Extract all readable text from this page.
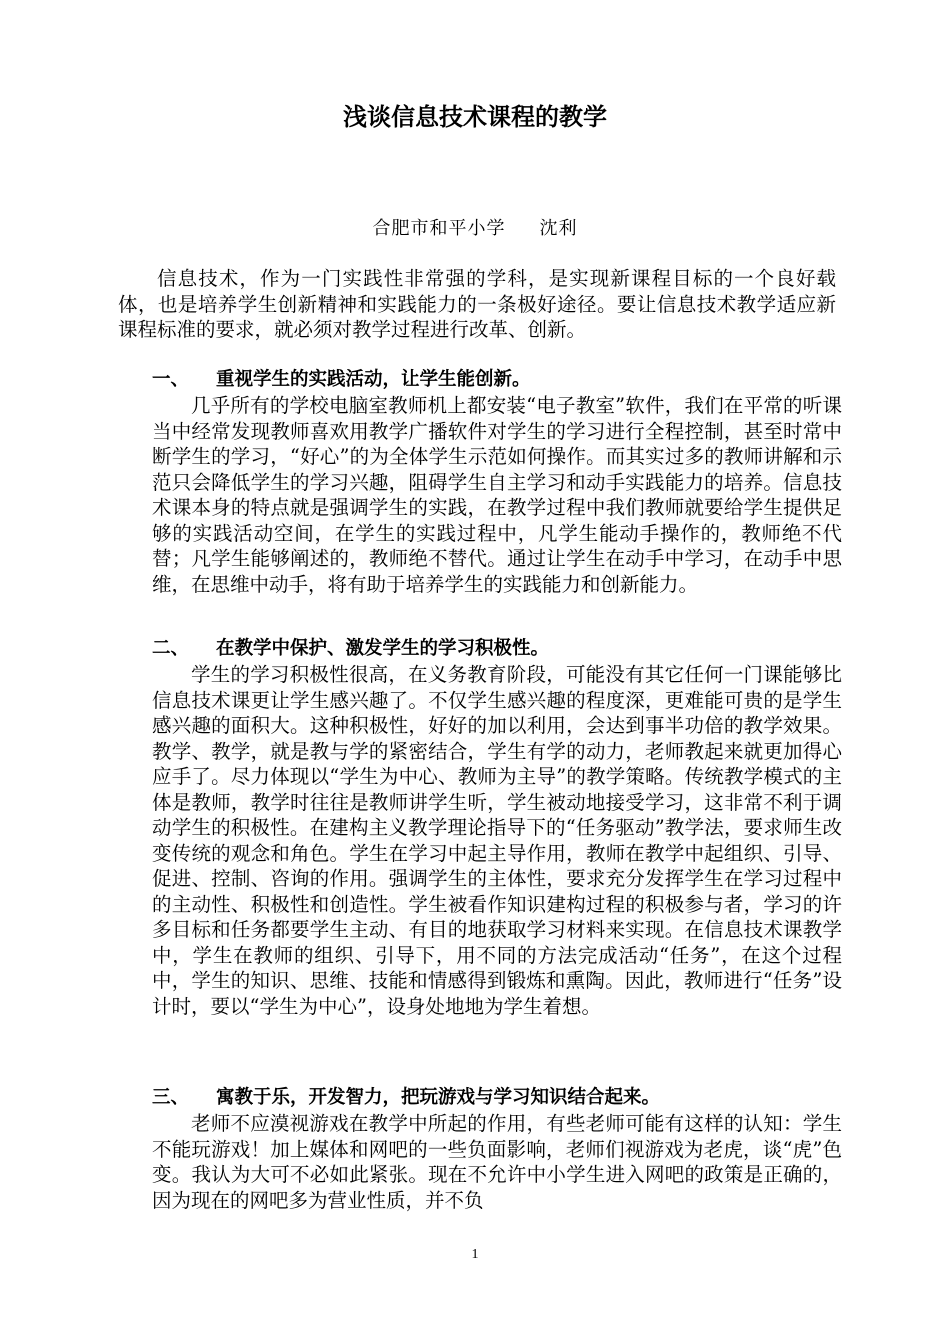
浅谈信息技术课程的教学
合肥市和平小学 沈利

信息技术，作为一门实践性非常强的学科，是实现新课程目标的一个良好载体，也是培养学生创新精神和实践能力的一条极好途径。要让信息技术教学适应新课程标准的要求，就必须对教学过程进行改革、创新。

一、 重视学生的实践活动，让学生能创新。

几乎所有的学校电脑室教师机上都安装“电子教室”软件，我们在平常的听课当中经常发现教师喜欢用教学广播软件对学生的学习进行全程控制，甚至时常中断学生的学习，“好心”的为全体学生示范如何操作。而其实过多的教师讲解和示范只会降低学生的学习兴趣，阻碍学生自主学习和动手实践能力的培养。信息技术课本身的特点就是强调学生的实践，在教学过程中我们教师就要给学生提供足够的实践活动空间，在学生的实践过程中，凡学生能动手操作的，教师绝不代替；凡学生能够阐述的，教师绝不替代。通过让学生在动手中学习，在动手中思维，在思维中动手，将有助于培养学生的实践能力和创新能力。

二、 在教学中保护、激发学生的学习积极性。

学生的学习积极性很高，在义务教育阶段，可能没有其它任何一门课能够比信息技术课更让学生感兴趣了。不仅学生感兴趣的程度深，更难能可贵的是学生感兴趣的面积大。这种积极性，好好的加以利用，会达到事半功倍的教学效果。教学、教学，就是教与学的紧密结合，学生有学的动力，老师教起来就更加得心应手了。尽力体现以“学生为中心、教师为主导”的教学策略。传统教学模式的主体是教师，教学时往往是教师讲学生听，学生被动地接受学习，这非常不利于调动学生的积极性。在建构主义教学理论指导下的“任务驱动”教学法，要求师生改变传统的观念和角色。学生在学习中起主导作用，教师在教学中起组织、引导、促进、控制、咨询的作用。强调学生的主体性，要求充分发挥学生在学习过程中的主动性、积极性和创造性。学生被看作知识建构过程的积极参与者，学习的许多目标和任务都要学生主动、有目的地获取学习材料来实现。在信息技术课教学中，学生在教师的组织、引导下，用不同的方法完成活动“任务”，在这个过程中，学生的知识、思维、技能和情感得到锻炼和熏陶。因此，教师进行“任务”设计时，要以“学生为中心”，设身处地地为学生着想。

三、 寓教于乐，开发智力，把玩游戏与学习知识结合起来。

老师不应漠视游戏在教学中所起的作用，有些老师可能有这样的认知：学生不能玩游戏！加上媒体和网吧的一些负面影响，老师们视游戏为老虎，谈“虎”色变。我认为大可不必如此紧张。现在不允许中小学生进入网吧的政策是正确的，因为现在的网吧多为营业性质，并不负

1
